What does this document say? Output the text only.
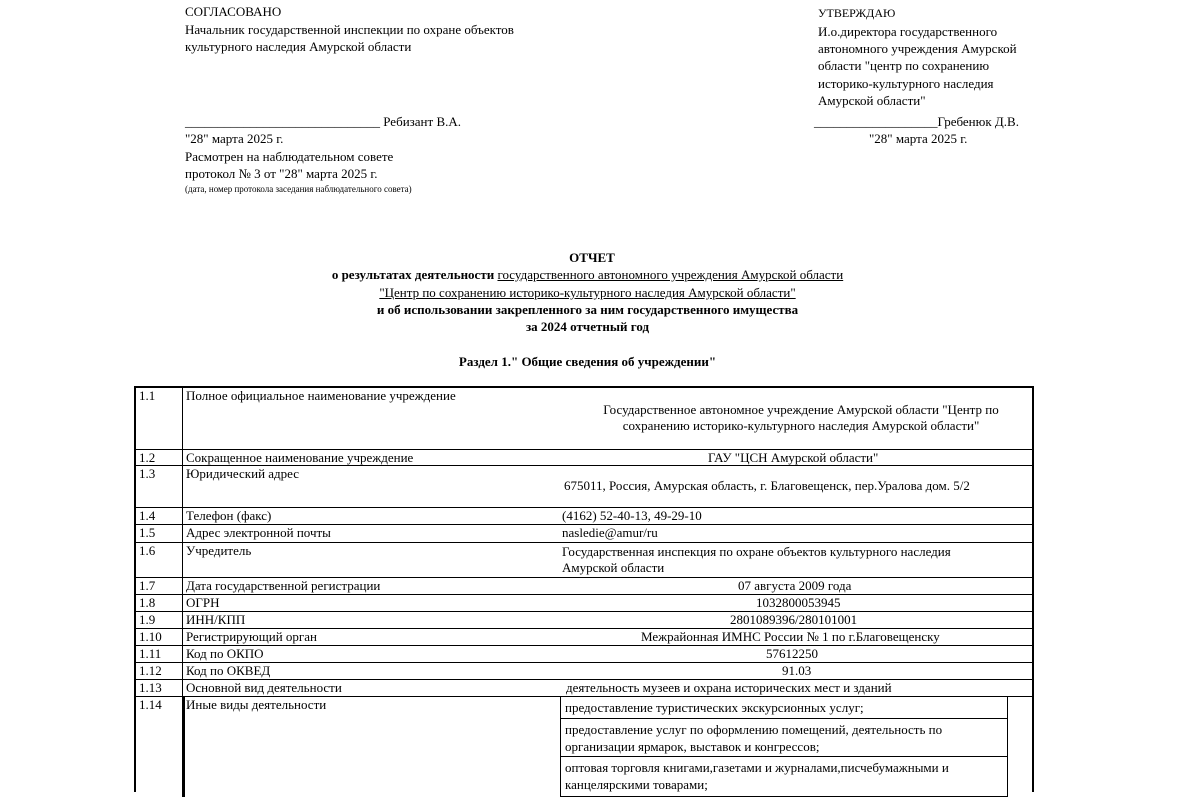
СОГЛАСОВАНО
Начальник государственной инспекции по охране объектов
культурного наследия Амурской области
______________________________ Ребизант В.А.
"28" марта 2025 г.
Расмотрен на наблюдательном совете
протокол № 3 от "28" марта 2025 г.
(дата, номер протокола заседания наблюдательного совета)
УТВЕРЖДАЮ
И.о.директора государственного
автономного учреждения Амурской
области "центр по сохранению
историко-культурного наследия
Амурской области"
___________________Гребенюк Д.В.
"28" марта 2025 г.
ОТЧЕТ
о результатах деятельности государственного автономного учреждения Амурской области
"Центр по сохранению историко-культурного наследия Амурской области"
и об использовании закрепленного за ним государственного имущества
за 2024 отчетный год
Раздел 1." Общие сведения об учреждении"
1.1	Полное официальное наименование учреждение
Государственное автономное учреждение Амурской области "Центр по
сохранению историко-культурного наследия Амурской области"
1.2	Сокращенное наименование учреждение	ГАУ "ЦСН Амурской области"
1.3	Юридический адрес
675011, Россия, Амурская область, г. Благовещенск, пер.Уралова дом. 5/2
1.4	Телефон (факс)	(4162) 52-40-13, 49-29-10
1.5	Адрес электронной почты	nasledie@amur/ru
1.6	Учредитель	Государственная инспекция по охране объектов культурного наследия
Амурской области
1.7	Дата государственной регистрации	07 августа 2009 года
1.8	ОГРН	1032800053945
1.9	ИНН/КПП	2801089396/280101001
1.10	Регистрирующий орган	Межрайонная ИМНС России № 1 по г.Благовещенску
1.11	Код по ОКПО	57612250
1.12	Код по ОКВЕД	91.03
1.13	Основной вид деятельности	деятельность музеев и охрана исторических мест и зданий
1.14	Иные виды деятельности	предоставление туристических экскурсионных услуг;
предоставление услуг по оформлению помещений, деятельность по
организации ярмарок, выставок и конгрессов;
оптовая торговля книгами,газетами и журналами,писчебумажными и
канцелярскими товарами;
